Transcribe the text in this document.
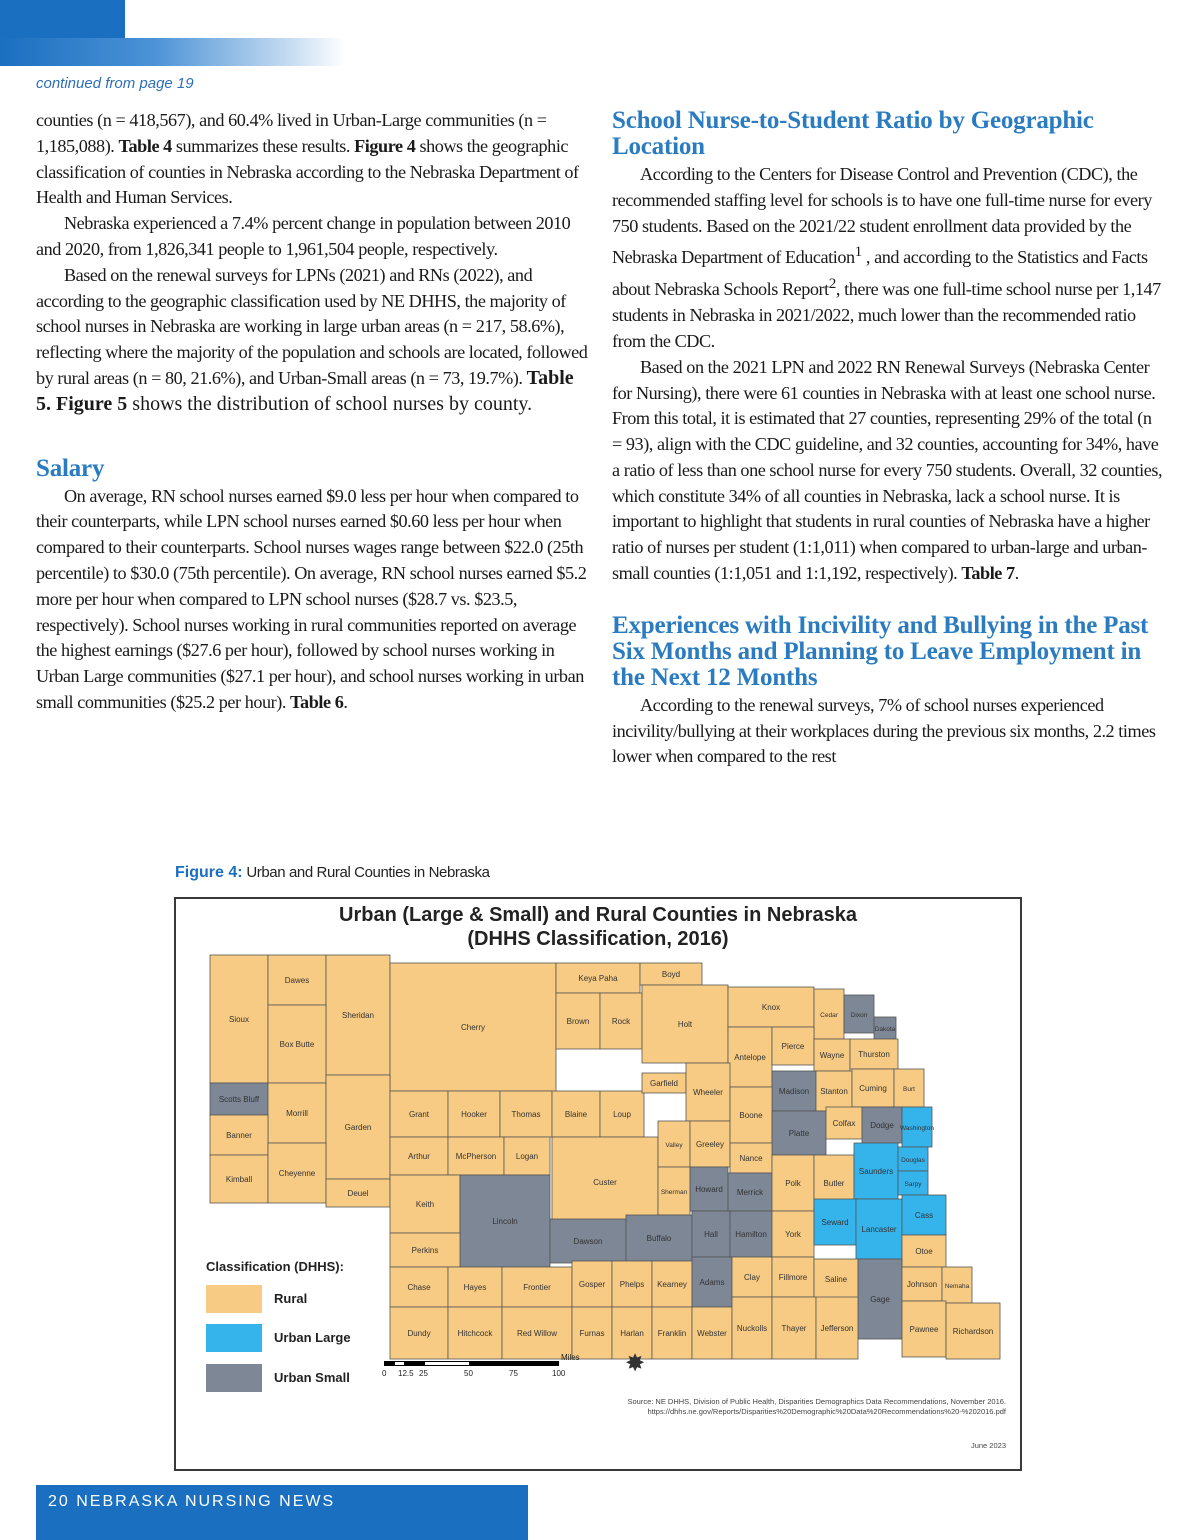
continued from page 19

counties (n = 418,567), and 60.4% lived in Urban-Large communities (n = 1,185,088). Table 4 summarizes these results. Figure 4 shows the geographic classification of counties in Nebraska according to the Nebraska Department of Health and Human Services.

Nebraska experienced a 7.4% percent change in population between 2010 and 2020, from 1,826,341 people to 1,961,504 people, respectively.

Based on the renewal surveys for LPNs (2021) and RNs (2022), and according to the geographic classification used by NE DHHS, the majority of school nurses in Nebraska are working in large urban areas (n = 217, 58.6%), reflecting where the majority of the population and schools are located, followed by rural areas (n = 80, 21.6%), and Urban-Small areas (n = 73, 19.7%). Table 5. Figure 5 shows the distribution of school nurses by county.

Salary

On average, RN school nurses earned $9.0 less per hour when compared to their counterparts, while LPN school nurses earned $0.60 less per hour when compared to their counterparts. School nurses wages range between $22.0 (25th percentile) to $30.0 (75th percentile). On average, RN school nurses earned $5.2 more per hour when compared to LPN school nurses ($28.7 vs. $23.5, respectively). School nurses working in rural communities reported on average the highest earnings ($27.6 per hour), followed by school nurses working in Urban Large communities ($27.1 per hour), and school nurses working in urban small communities ($25.2 per hour). Table 6.

School Nurse-to-Student Ratio by Geographic Location

According to the Centers for Disease Control and Prevention (CDC), the recommended staffing level for schools is to have one full-time nurse for every 750 students. Based on the 2021/22 student enrollment data provided by the Nebraska Department of Education$^1$ , and according to the Statistics and Facts about Nebraska Schools Report$^2$, there was one full-time school nurse per 1,147 students in Nebraska in 2021/2022, much lower than the recommended ratio from the CDC.

Based on the 2021 LPN and 2022 RN Renewal Surveys (Nebraska Center for Nursing), there were 61 counties in Nebraska with at least one school nurse. From this total, it is estimated that 27 counties, representing 29% of the total (n = 93), align with the CDC guideline, and 32 counties, accounting for 34%, have a ratio of less than one school nurse for every 750 students. Overall, 32 counties, which constitute 34% of all counties in Nebraska, lack a school nurse. It is important to highlight that students in rural counties of Nebraska have a higher ratio of nurses per student (1:1,011) when compared to urban-large and urban-small counties (1:1,051 and 1:1,192, respectively). Table 7.

Experiences with Incivility and Bullying in the Past Six Months and Planning to Leave Employment in the Next 12 Months

According to the renewal surveys, 7% of school nurses experienced incivility/bullying at their workplaces during the previous six months, 2.2 times lower when compared to the rest

Figure 4: Urban and Rural Counties in Nebraska
Urban (Large & Small) and Rural Counties in Nebraska
(DHHS Classification, 2016)
Sioux
Dawes
Sheridan
Cherry
Keya Paha	Boyd
Brown	Rock	Holt
Knox
Cedar Dixon
Dakota
Box Butte
Antelope
Pierce
Wayne Thurston
Scotts Bluff
Morrill
Garden
Grant	Hooker	Thomas	Blaine	Loup
Garfield
Wheeler	Madison Stanton Cuming	Burt
Banner
Arthur	McPherson Logan
Custer
Valley Greeley
Boone
Platte
Colfax Dodge Washington
Kimball
Cheyenne
Deuel
Keith
Lincoln
Sherman Howard
Nance
Merrick
Polk	Butler
Saunders
Douglas
Sarpy
Perkins
Dawson	Buffalo	Hall Hamilton York
Seward
Lancaster
Cass
Otoe
Chase	Hayes	Frontier	Gosper Phelps Kearney Adams
Clay Fillmore Saline
Gage
Johnson Nemaha
Dundy	Hitchcock	Red Willow	Furnas Harlan Franklin Webster
Nuckolls Thayer Jefferson	Pawnee Richardson
Classification (DHHS):
Rural
Urban Large
Urban Small	0 12.5 25	50	75	100
Miles ✸
Source: NE DHHS, Division of Public Health, Disparities Demographics Data Recommendations, November 2016.
https://dhhs.ne.gov/Reports/Disparities%20Demographic%20Data%20Recommendations%20-%202016.pdf
June 2023
20 NEBRASKA NURSING NEWS
